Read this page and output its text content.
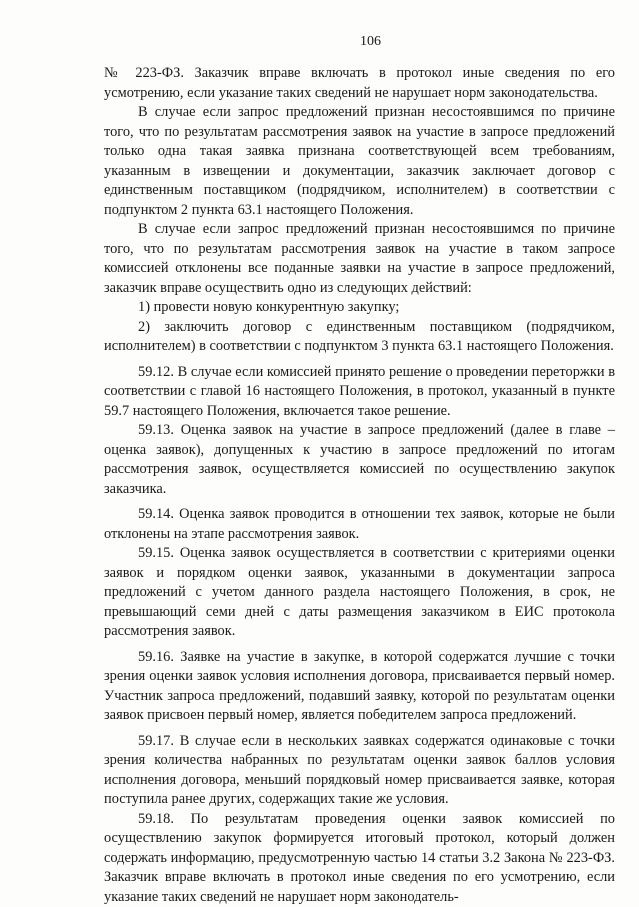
106

№ 223-ФЗ. Заказчик вправе включать в протокол иные сведения по его усмотрению, если указание таких сведений не нарушает норм законодательства.

В случае если запрос предложений признан несостоявшимся по причине того, что по результатам рассмотрения заявок на участие в запросе предложений только одна такая заявка признана соответствующей всем требованиям, указанным в извещении и документации, заказчик заключает договор с единственным поставщиком (подрядчиком, исполнителем) в соответствии с подпунктом 2 пункта 63.1 настоящего Положения.

В случае если запрос предложений признан несостоявшимся по причине того, что по результатам рассмотрения заявок на участие в таком запросе комиссией отклонены все поданные заявки на участие в запросе предложений, заказчик вправе осуществить одно из следующих действий:

1) провести новую конкурентную закупку;

2) заключить договор с единственным поставщиком (подрядчиком, исполнителем) в соответствии с подпунктом 3 пункта 63.1 настоящего Положения.

59.12. В случае если комиссией принято решение о проведении переторжки в соответствии с главой 16 настоящего Положения, в протокол, указанный в пункте 59.7 настоящего Положения, включается такое решение.

59.13. Оценка заявок на участие в запросе предложений (далее в главе – оценка заявок), допущенных к участию в запросе предложений по итогам рассмотрения заявок, осуществляется комиссией по осуществлению закупок заказчика.

59.14. Оценка заявок проводится в отношении тех заявок, которые не были отклонены на этапе рассмотрения заявок.

59.15. Оценка заявок осуществляется в соответствии с критериями оценки заявок и порядком оценки заявок, указанными в документации запроса предложений с учетом данного раздела настоящего Положения, в срок, не превышающий семи дней с даты размещения заказчиком в ЕИС протокола рассмотрения заявок.

59.16. Заявке на участие в закупке, в которой содержатся лучшие с точки зрения оценки заявок условия исполнения договора, присваивается первый номер. Участник запроса предложений, подавший заявку, которой по результатам оценки заявок присвоен первый номер, является победителем запроса предложений.

59.17. В случае если в нескольких заявках содержатся одинаковые с точки зрения количества набранных по результатам оценки заявок баллов условия исполнения договора, меньший порядковый номер присваивается заявке, которая поступила ранее других, содержащих такие же условия.

59.18. По результатам проведения оценки заявок комиссией по осуществлению закупок формируется итоговый протокол, который должен содержать информацию, предусмотренную частью 14 статьи 3.2 Закона № 223-ФЗ. Заказчик вправе включать в протокол иные сведения по его усмотрению, если указание таких сведений не нарушает норм законодатель-
